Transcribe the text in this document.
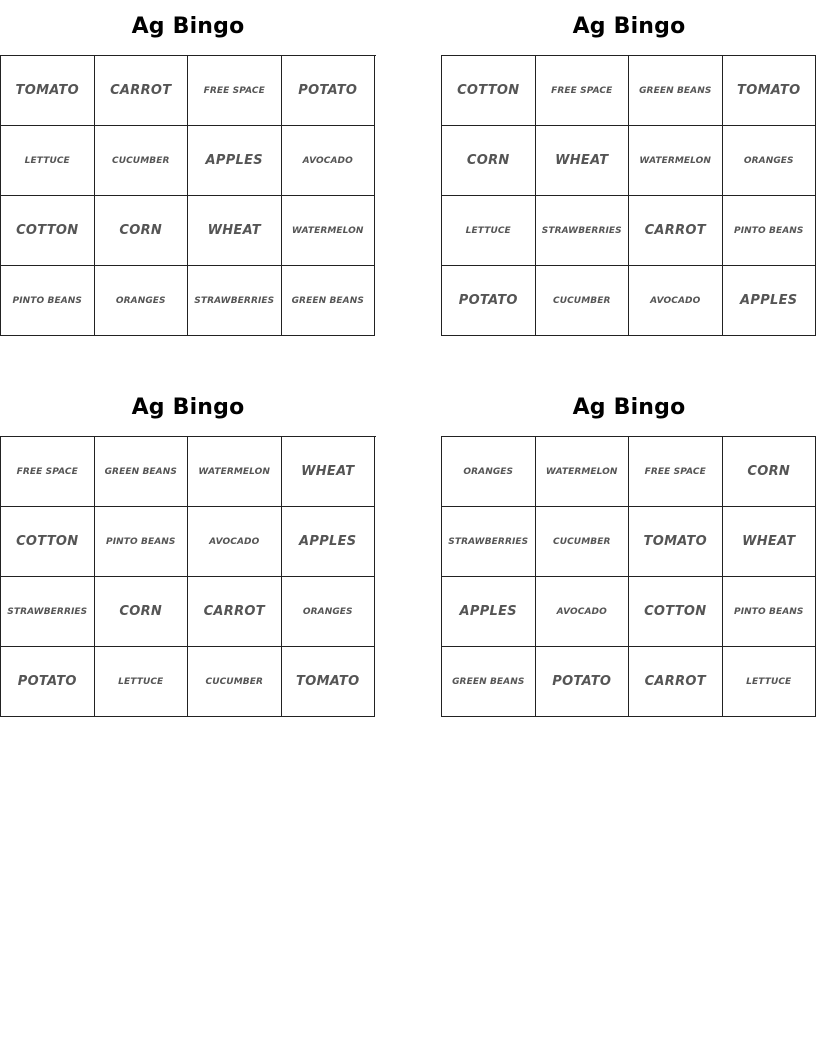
Ag Bingo
TOMATO	CARROT	FREE SPACE	POTATO
LETTUCE	CUCUMBER	APPLES	AVOCADO
COTTON	CORN	WHEAT	WATERMELON
PINTO BEANS	ORANGES	STRAWBERRIES	GREEN BEANS
Ag Bingo
COTTON	FREE SPACE	GREEN BEANS	TOMATO
CORN	WHEAT	WATERMELON	ORANGES
LETTUCE	STRAWBERRIES	CARROT	PINTO BEANS
POTATO	CUCUMBER	AVOCADO	APPLES
Ag Bingo
FREE SPACE	GREEN BEANS	WATERMELON	WHEAT
COTTON	PINTO BEANS	AVOCADO	APPLES
STRAWBERRIES	CORN	CARROT	ORANGES
POTATO	LETTUCE	CUCUMBER	TOMATO
Ag Bingo
ORANGES	WATERMELON	FREE SPACE	CORN
STRAWBERRIES	CUCUMBER	TOMATO	WHEAT
APPLES	AVOCADO	COTTON	PINTO BEANS
GREEN BEANS	POTATO	CARROT	LETTUCE
